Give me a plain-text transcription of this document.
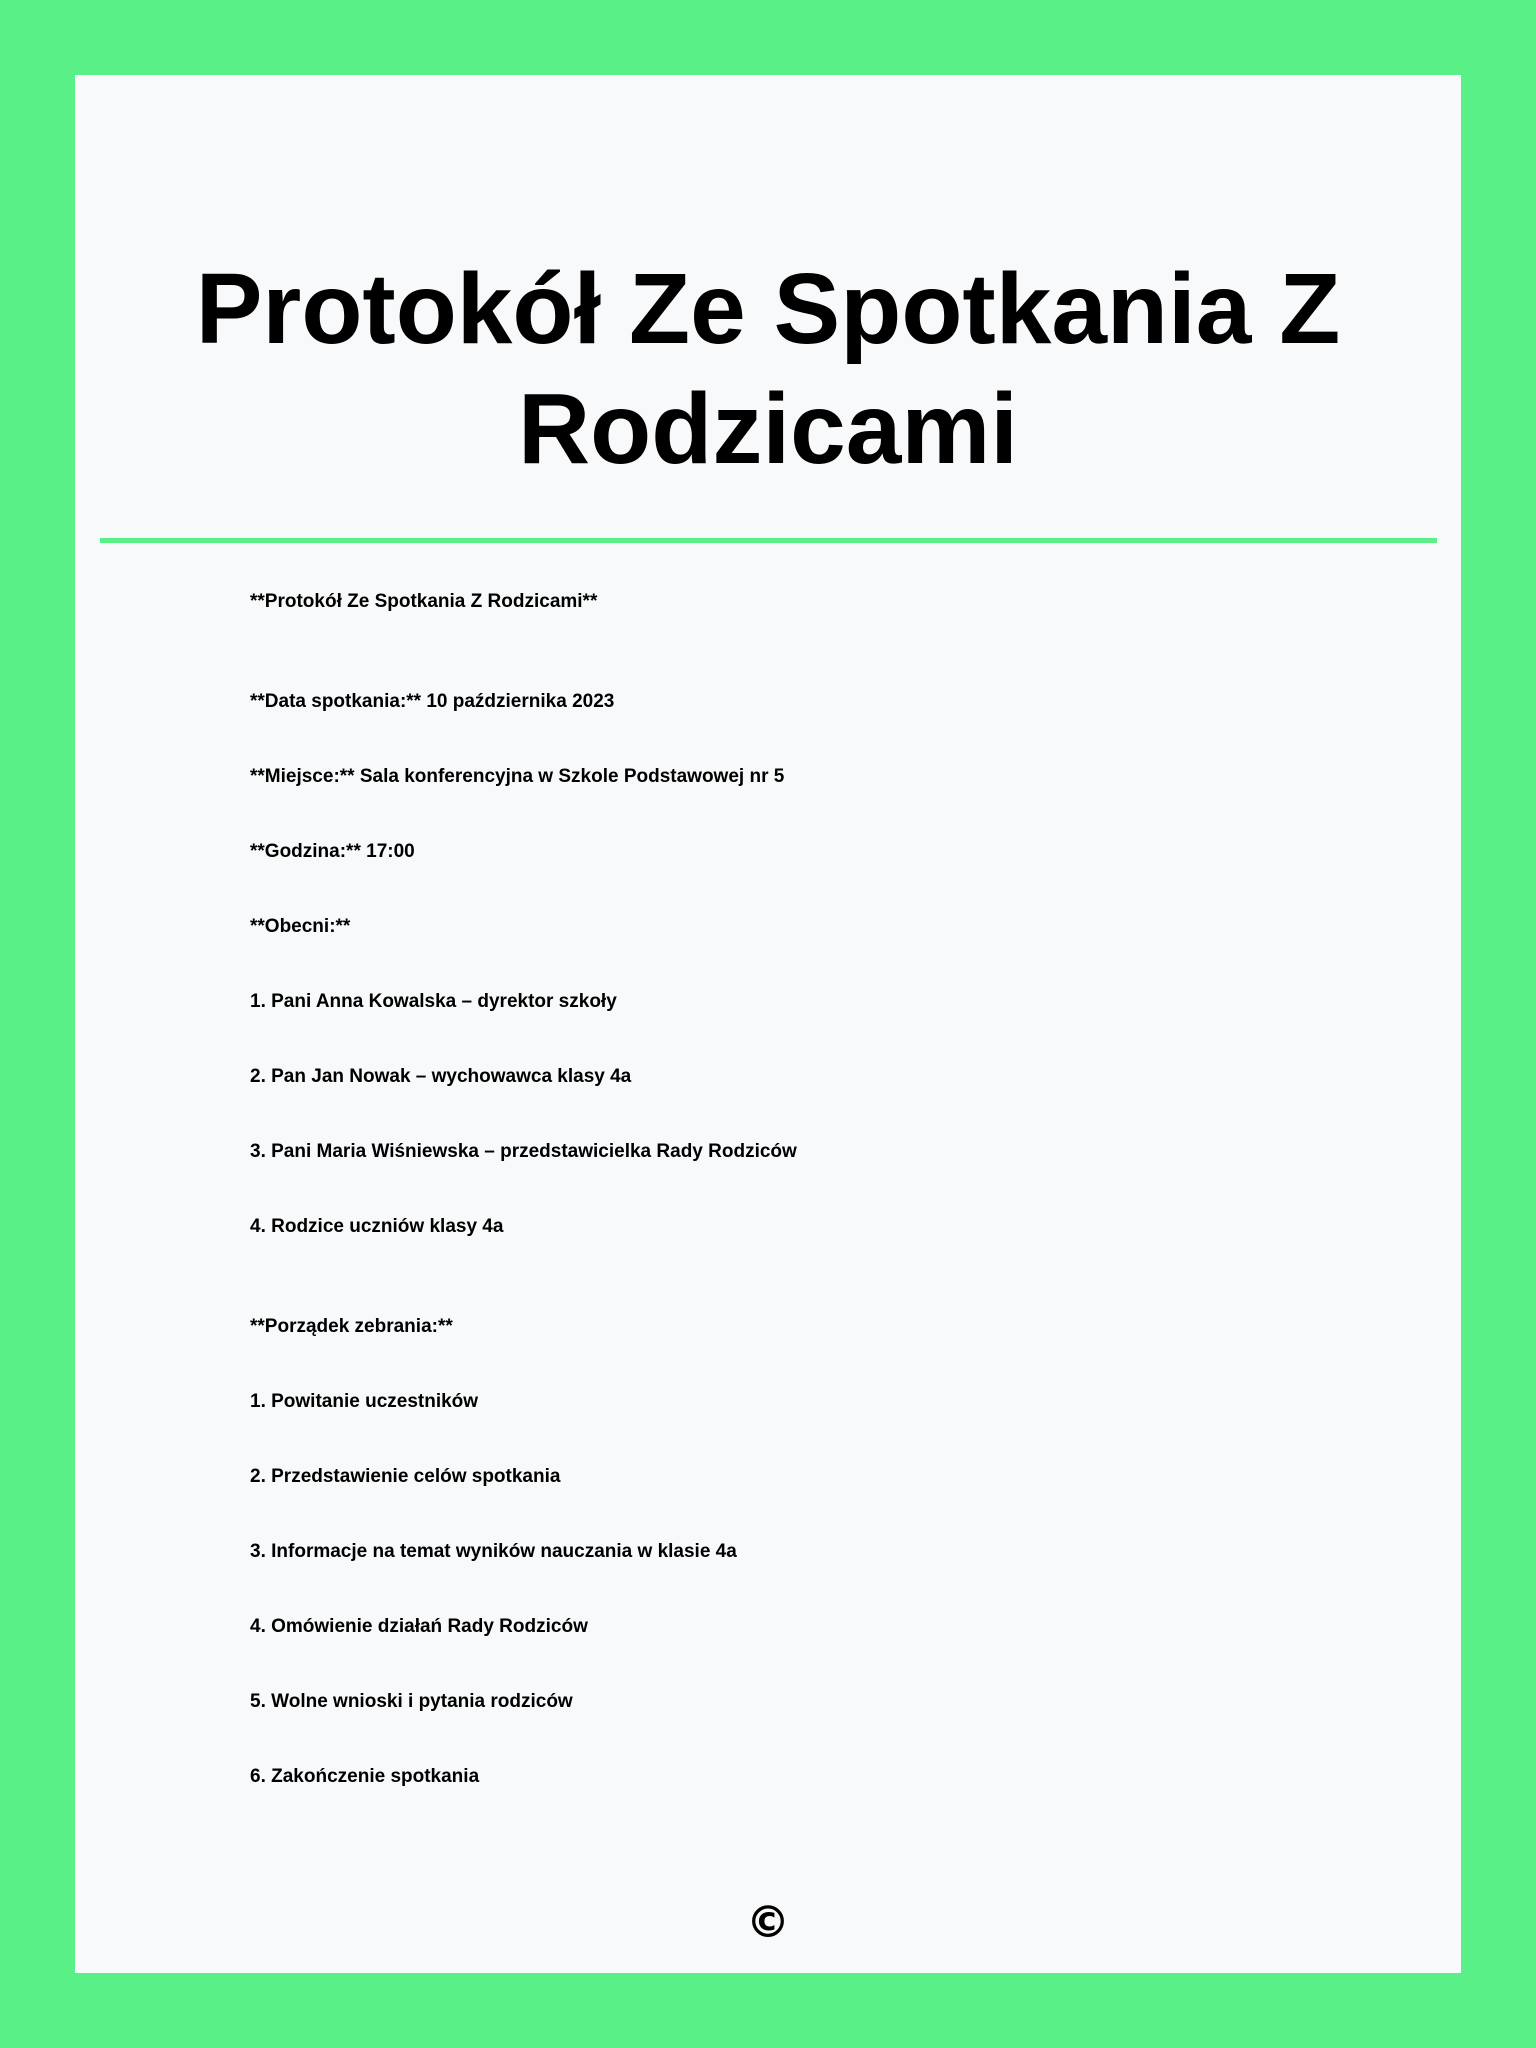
Protokół Ze Spotkania Z Rodzicami

**Protokół Ze Spotkania Z Rodzicami**

**Data spotkania:** 10 października 2023

**Miejsce:** Sala konferencyjna w Szkole Podstawowej nr 5

**Godzina:** 17:00

**Obecni:**

1. Pani Anna Kowalska – dyrektor szkoły

2. Pan Jan Nowak – wychowawca klasy 4a

3. Pani Maria Wiśniewska – przedstawicielka Rady Rodziców

4. Rodzice uczniów klasy 4a

**Porządek zebrania:**

1. Powitanie uczestników

2. Przedstawienie celów spotkania

3. Informacje na temat wyników nauczania w klasie 4a

4. Omówienie działań Rady Rodziców

5. Wolne wnioski i pytania rodziców

6. Zakończenie spotkania

©
